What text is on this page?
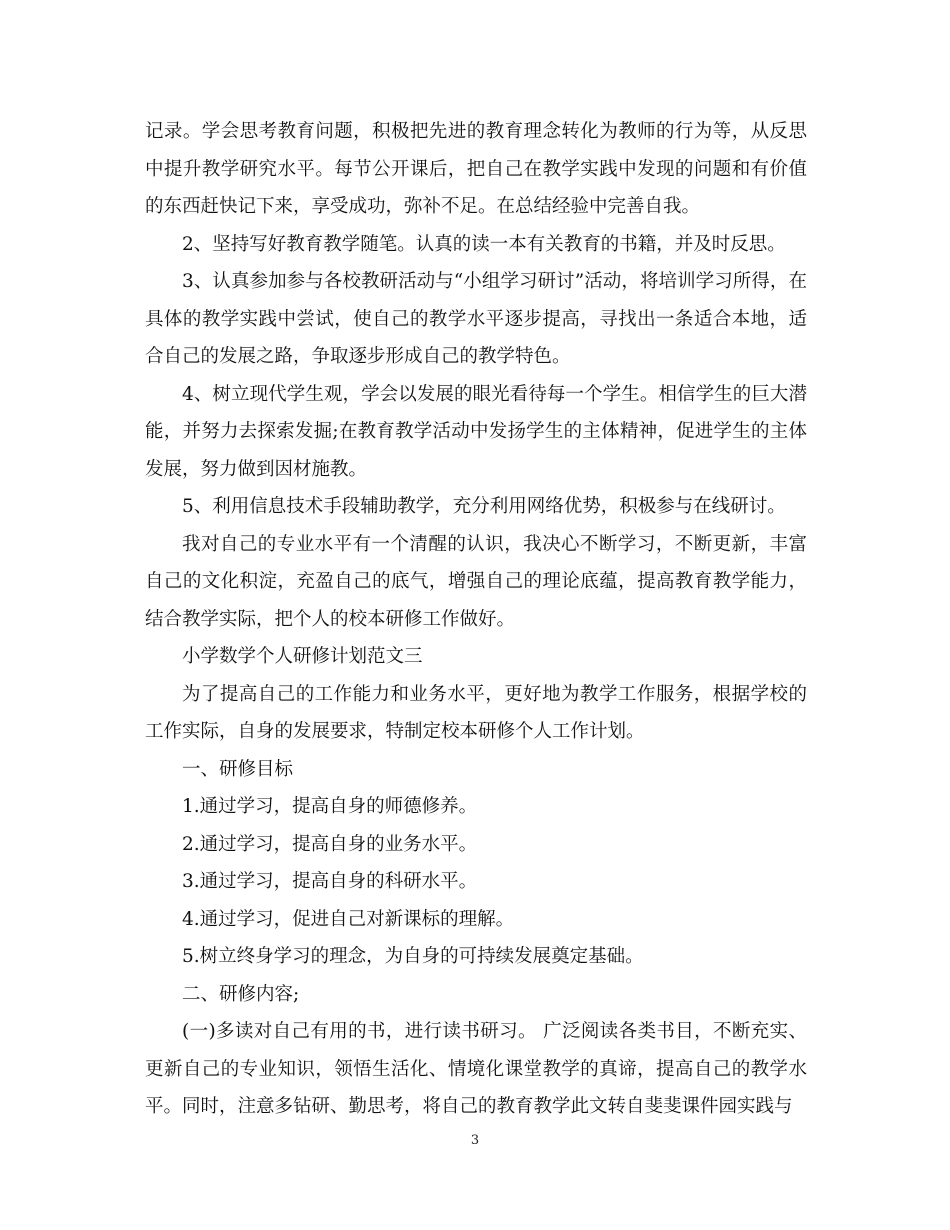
记录。学会思考教育问题，积极把先进的教育理念转化为教师的行为等，从反思中提升教学研究水平。每节公开课后，把自己在教学实践中发现的问题和有价值的东西赶快记下来，享受成功，弥补不足。在总结经验中完善自我。

2、坚持写好教育教学随笔。认真的读一本有关教育的书籍，并及时反思。

3、认真参加参与各校教研活动与“小组学习研讨”活动，将培训学习所得，在具体的教学实践中尝试，使自己的教学水平逐步提高，寻找出一条适合本地，适合自己的发展之路，争取逐步形成自己的教学特色。

4、树立现代学生观，学会以发展的眼光看待每一个学生。相信学生的巨大潜能，并努力去探索发掘;在教育教学活动中发扬学生的主体精神，促进学生的主体发展，努力做到因材施教。

5、利用信息技术手段辅助教学，充分利用网络优势，积极参与在线研讨。

我对自己的专业水平有一个清醒的认识，我决心不断学习，不断更新，丰富自己的文化积淀，充盈自己的底气，增强自己的理论底蕴，提高教育教学能力，结合教学实际，把个人的校本研修工作做好。

小学数学个人研修计划范文三

为了提高自己的工作能力和业务水平，更好地为教学工作服务，根据学校的工作实际，自身的发展要求，特制定校本研修个人工作计划。

一、研修目标

1.通过学习，提高自身的师德修养。

2.通过学习，提高自身的业务水平。

3.通过学习，提高自身的科研水平。

4.通过学习，促进自己对新课标的理解。

5.树立终身学习的理念，为自身的可持续发展奠定基础。

二、研修内容;

(一)多读对自己有用的书，进行读书研习。 广泛阅读各类书目，不断充实、更新自己的专业知识，领悟生活化、情境化课堂教学的真谛，提高自己的教学水平。同时，注意多钻研、勤思考，将自己的教育教学此文转自斐斐课件园实践与

3
